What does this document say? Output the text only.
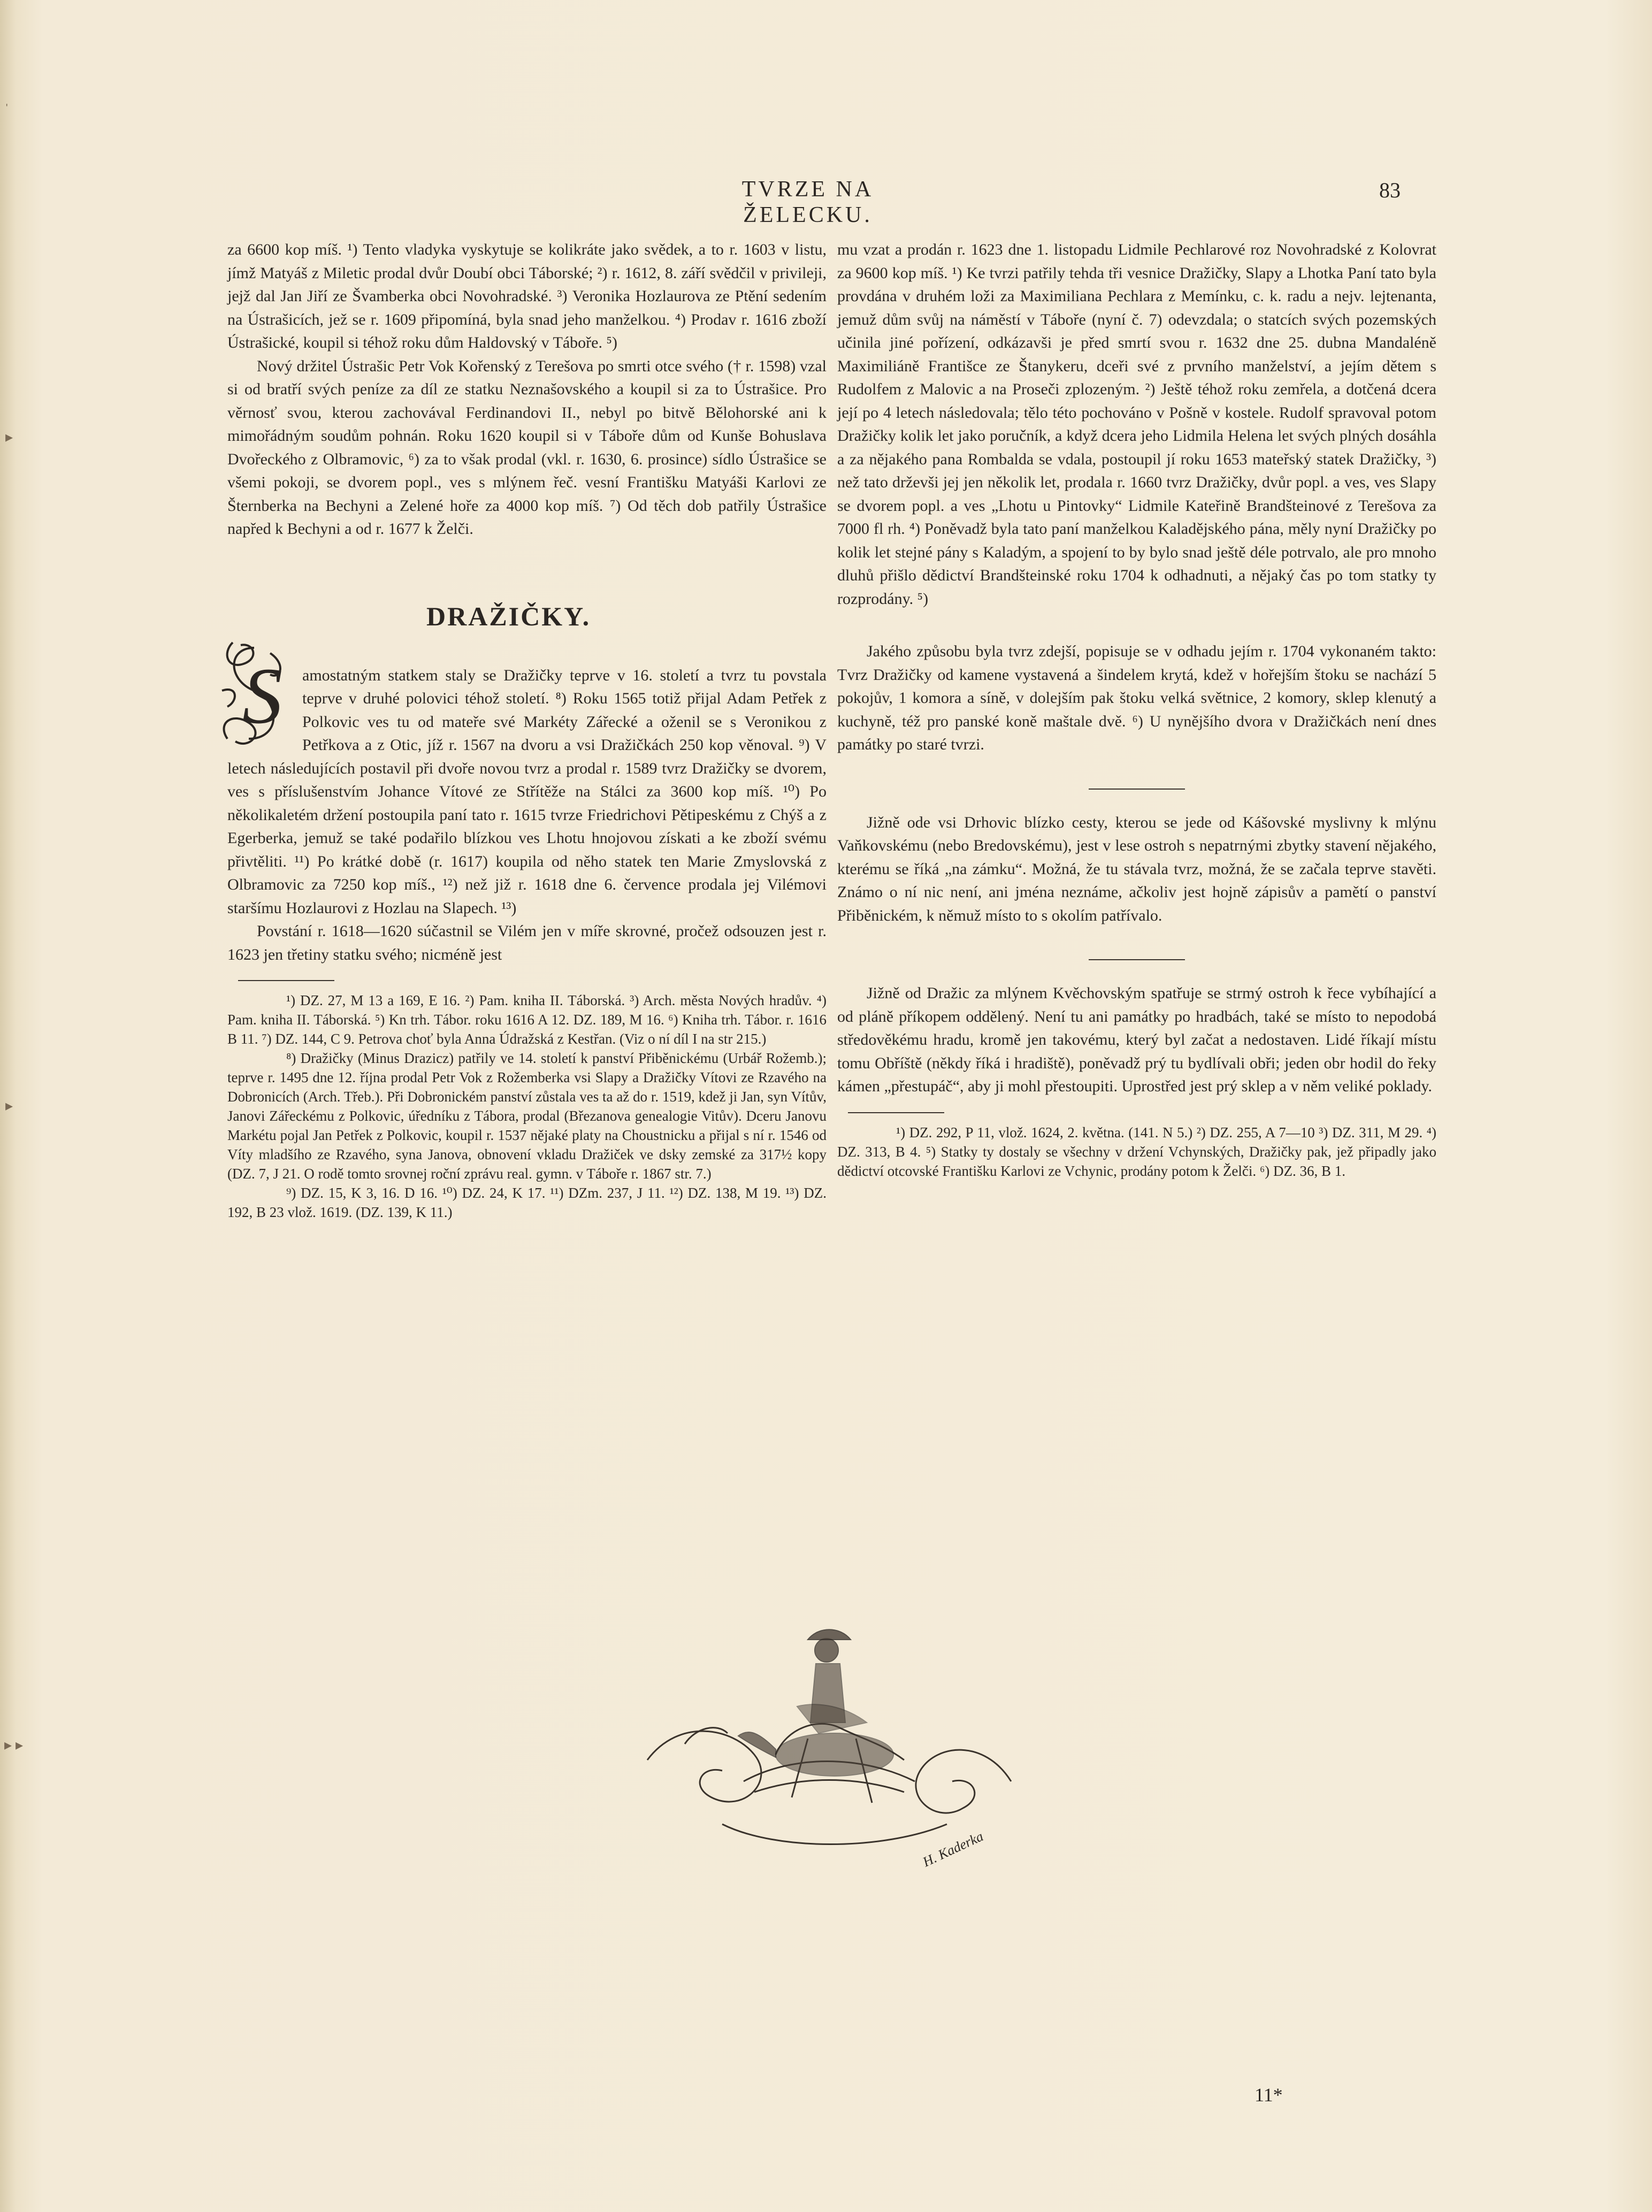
TVRZE NA ŽELECKU.
83
ˈ
▸
▸
▸ ▸

za 6600 kop míš. ¹) Tento vladyka vyskytuje se kolikráte jako svědek, a to r. 1603 v listu, jímž Matyáš z Miletic prodal dvůr Doubí obci Táborské; ²) r. 1612, 8. září svědčil v privileji, jejž dal Jan Jiří ze Švamberka obci Novohradské. ³) Veronika Hozlaurova ze Ptění sedením na Ústrašicích, jež se r. 1609 připomíná, byla snad jeho manželkou. ⁴) Prodav r. 1616 zboží Ústrašické, koupil si téhož roku dům Haldovský v Táboře. ⁵)

Nový držitel Ústrašic Petr Vok Kořenský z Terešova po smrti otce svého († r. 1598) vzal si od bratří svých peníze za díl ze statku Neznašovského a koupil si za to Ústrašice. Pro věrnosť svou, kterou zachovával Ferdinandovi II., nebyl po bitvě Bělohorské ani k mimořádným soudům pohnán. Roku 1620 koupil si v Táboře dům od Kunše Bohuslava Dvořeckého z Olbramovic, ⁶) za to však prodal (vkl. r. 1630, 6. prosince) sídlo Ústrašice se všemi pokoji, se dvorem popl., ves s mlýnem řeč. vesní Františku Matyáši Karlovi ze Šternberka na Bechyni a Zelené hoře za 4000 kop míš. ⁷) Od těch dob patřily Ústrašice napřed k Bechyni a od r. 1677 k Želči.

DRAŽIČKY.
S	amostatným statkem staly se Dražičky teprve v 16. století a tvrz tu povstala teprve v druhé polovici téhož století. ⁸) Roku 1565 totiž přijal Adam Petřek z Polkovic ves tu od mateře své Markéty Zářecké a oženil se s Veronikou z Petřkova a z Otic, jíž r. 1567 na dvoru a vsi Dražičkách 250 kop věnoval. ⁹) V letech následujících postavil při dvoře novou tvrz a prodal r. 1589 tvrz Dražičky se dvorem, ves s příslušenstvím Johance Vítové ze Střítěže na Stálci za 3600 kop míš. ¹⁰) Po několikaletém držení postoupila paní tato r. 1615 tvrze Friedrichovi Pětipeskému z Chýš a z Egerberka, jemuž se také podařilo blízkou ves Lhotu hnojovou získati a ke zboží svému přivtěliti. ¹¹) Po krátké době (r. 1617) koupila od něho statek ten Marie Zmyslovská z Olbramovic za 7250 kop míš., ¹²) než již r. 1618 dne 6. července prodala jej Vilémovi staršímu Hozlaurovi z Hozlau na Slapech. ¹³)

Povstání r. 1618—1620 súčastnil se Vilém jen v míře skrovné, pročež odsouzen jest r. 1623 jen třetiny statku svého; nicméně jest

¹) DZ. 27, M 13 a 169, E 16. ²) Pam. kniha II. Táborská. ³) Arch. města Nových hradův. ⁴) Pam. kniha II. Táborská. ⁵) Kn trh. Tábor. roku 1616 A 12. DZ. 189, M 16. ⁶) Kniha trh. Tábor. r. 1616 B 11. ⁷) DZ. 144, C 9. Petrova choť byla Anna Údražská z Kestřan. (Viz o ní díl I na str 215.)

⁸) Dražičky (Minus Drazicz) patřily ve 14. století k panství Přiběnickému (Urbář Rožemb.); teprve r. 1495 dne 12. října prodal Petr Vok z Rožemberka vsi Slapy a Dražičky Vítovi ze Rzavého na Dobronicích (Arch. Třeb.). Při Dobronickém panství zůstala ves ta až do r. 1519, kdež ji Jan, syn Vítův, Janovi Zářeckému z Polkovic, úředníku z Tábora, prodal (Březanova genealogie Vitův). Dceru Janovu Markétu pojal Jan Petřek z Polkovic, koupil r. 1537 nějaké platy na Choustnicku a přijal s ní r. 1546 od Víty mladšího ze Rzavého, syna Janova, obnovení vkladu Dražiček ve dsky zemské za 317½ kopy (DZ. 7, J 21. O rodě tomto srovnej roční zprávu real. gymn. v Táboře r. 1867 str. 7.)

⁹) DZ. 15, K 3, 16. D 16. ¹⁰) DZ. 24, K 17. ¹¹) DZm. 237, J 11. ¹²) DZ. 138, M 19. ¹³) DZ. 192, B 23 vlož. 1619. (DZ. 139, K 11.)

mu vzat a prodán r. 1623 dne 1. listopadu Lidmile Pechlarové roz Novohradské z Kolovrat za 9600 kop míš. ¹) Ke tvrzi patřily tehda tři vesnice Dražičky, Slapy a Lhotka Paní tato byla provdána v druhém loži za Maximiliana Pechlara z Memínku, c. k. radu a nejv. lejtenanta, jemuž dům svůj na náměstí v Táboře (nyní č. 7) odevzdala; o statcích svých pozemských učinila jiné pořízení, odkázavši je před smrtí svou r. 1632 dne 25. dubna Mandaléně Maximiliáně Františce ze Štanykeru, dceři své z prvního manželství, a jejím dětem s Rudolfem z Malovic a na Proseči zplozeným. ²) Ještě téhož roku zemřela, a dotčená dcera její po 4 letech následovala; tělo této pochováno v Pošně v kostele. Rudolf spravoval potom Dražičky kolik let jako poručník, a když dcera jeho Lidmila Helena let svých plných dosáhla a za nějakého pana Rombalda se vdala, postoupil jí roku 1653 mateřský statek Dražičky, ³) než tato drževši jej jen několik let, prodala r. 1660 tvrz Dražičky, dvůr popl. a ves, ves Slapy se dvorem popl. a ves „Lhotu u Pintovky“ Lidmile Kateřině Brandšteinové z Terešova za 7000 fl rh. ⁴) Poněvadž byla tato paní manželkou Kaladějského pána, měly nyní Dražičky po kolik let stejné pány s Kaladým, a spojení to by bylo snad ještě déle potrvalo, ale pro mnoho dluhů přišlo dědictví Brandšteinské roku 1704 k odhadnuti, a nějaký čas po tom statky ty rozprodány. ⁵)

Jakého způsobu byla tvrz zdejší, popisuje se v odhadu jejím r. 1704 vykonaném takto: Tvrz Dražičky od kamene vystavená a šindelem krytá, kdež v hořejším štoku se nachází 5 pokojův, 1 komora a síně, v dolejším pak štoku velká světnice, 2 komory, sklep klenutý a kuchyně, též pro panské koně maštale dvě. ⁶) U nynějšího dvora v Dražičkách není dnes památky po staré tvrzi.

Jižně ode vsi Drhovic blízko cesty, kterou se jede od Kášovské myslivny k mlýnu Vaňkovskému (nebo Bredovskému), jest v lese ostroh s nepatrnými zbytky stavení nějakého, kterému se říká „na zámku“. Možná, že tu stávala tvrz, možná, že se začala teprve stavěti. Známo o ní nic není, ani jména neznáme, ačkoliv jest hojně zápisův a pamětí o panství Přiběnickém, k němuž místo to s okolím patřívalo.

Jižně od Dražic za mlýnem Kvěchovským spatřuje se strmý ostroh k řece vybíhající a od pláně příkopem oddělený. Není tu ani památky po hradbách, také se místo to nepodobá středověkému hradu, kromě jen takovému, který byl začat a nedostaven. Lidé říkají místu tomu Obříště (někdy říká i hradiště), poněvadž prý tu bydlívali obři; jeden obr hodil do řeky kámen „přestupáč“, aby ji mohl přestoupiti. Uprostřed jest prý sklep a v něm veliké poklady.

¹) DZ. 292, P 11, vlož. 1624, 2. května. (141. N 5.) ²) DZ. 255, A 7—10 ³) DZ. 311, M 29. ⁴) DZ. 313, B 4. ⁵) Statky ty dostaly se všechny v držení Vchynských, Dražičky pak, jež připadly jako dědictví otcovské Františku Karlovi ze Vchynic, prodány potom k Želči. ⁶) DZ. 36, B 1.

H. Kaderka
11*
